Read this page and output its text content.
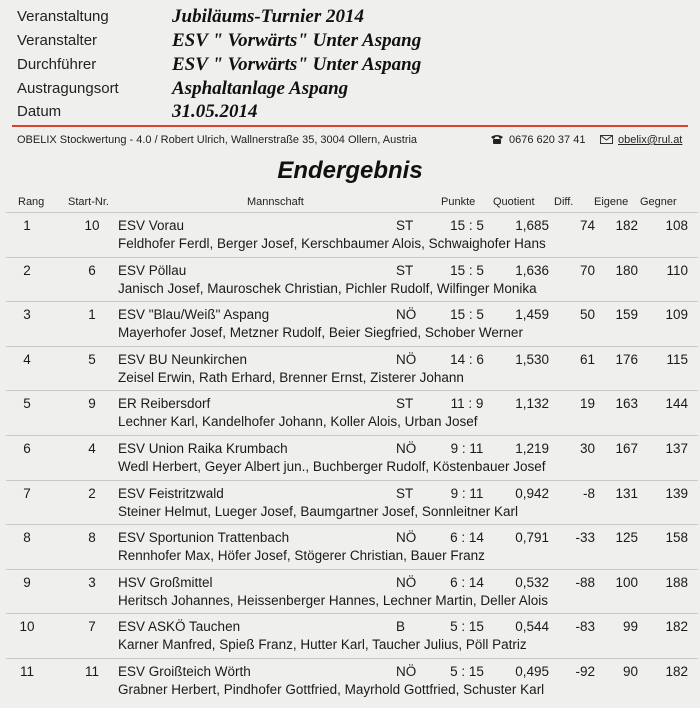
Veranstaltung	Jubiläums-Turnier 2014
Veranstalter	ESV " Vorwärts" Unter Aspang
Durchführer	ESV " Vorwärts" Unter Aspang
Austragungsort	Asphaltanlage Aspang
Datum	31.05.2014
OBELIX Stockwertung - 4.0 / Robert Ulrich, Wallnerstraße 35, 3004 Ollern, Austria	0676 620 37 41	obelix@rul.at
Endergebnis
Rang Start-Nr.	Mannschaft	Punkte Quotient Diff. Eigene Gegner
1	10	ESV Vorau	ST	15 : 5	1,685	74	182	108
Feldhofer Ferdl, Berger Josef, Kerschbaumer Alois, Schwaighofer Hans
2	6	ESV Pöllau	ST	15 : 5	1,636	70	180	110
Janisch Josef, Mauroschek Christian, Pichler Rudolf, Wilfinger Monika
3	1	ESV "Blau/Weiß" Aspang	NÖ	15 : 5	1,459	50	159	109
Mayerhofer Josef, Metzner Rudolf, Beier Siegfried, Schober Werner
4	5	ESV BU Neunkirchen	NÖ	14 : 6	1,530	61	176	115
Zeisel Erwin, Rath Erhard, Brenner Ernst, Zisterer Johann
5	9	ER Reibersdorf	ST	11 : 9	1,132	19	163	144
Lechner Karl, Kandelhofer Johann, Koller Alois, Urban Josef
6	4	ESV Union Raika Krumbach	NÖ	9 : 11	1,219	30	167	137
Wedl Herbert, Geyer Albert jun., Buchberger Rudolf, Köstenbauer Josef
7	2	ESV Feistritzwald	ST	9 : 11	0,942	-8	131	139
Steiner Helmut, Lueger Josef, Baumgartner Josef, Sonnleitner Karl
8	8	ESV Sportunion Trattenbach	NÖ	6 : 14	0,791	-33	125	158
Rennhofer Max, Höfer Josef, Stögerer Christian, Bauer Franz
9	3	HSV Großmittel	NÖ	6 : 14	0,532	-88	100	188
Heritsch Johannes, Heissenberger Hannes, Lechner Martin, Deller Alois
10	7	ESV ASKÖ Tauchen	B	5 : 15	0,544	-83	99	182
Karner Manfred, Spieß Franz, Hutter Karl, Taucher Julius, Pöll Patriz
11	11	ESV Groißteich Wörth	NÖ	5 : 15	0,495	-92	90	182
Grabner Herbert, Pindhofer Gottfried, Mayrhold Gottfried, Schuster Karl
